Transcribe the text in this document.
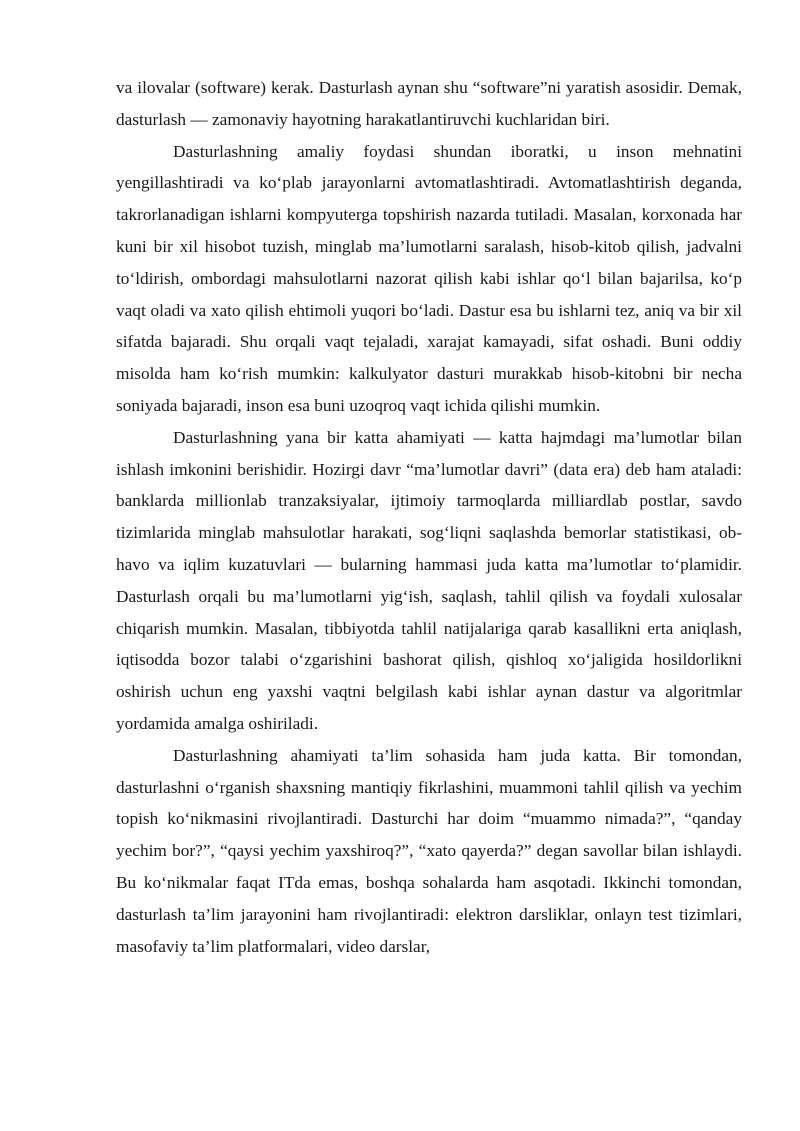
va ilovalar (software) kerak. Dasturlash aynan shu “software”ni yaratish asosidir. Demak, dasturlash — zamonaviy hayotning harakatlantiruvchi kuchlaridan biri.

Dasturlashning amaliy foydasi shundan iboratki, u inson mehnatini yengillashtiradi va ko‘plab jarayonlarni avtomatlashtiradi. Avtomatlashtirish deganda, takrorlanadigan ishlarni kompyuterga topshirish nazarda tutiladi. Masalan, korxonada har kuni bir xil hisobot tuzish, minglab ma’lumotlarni saralash, hisob-kitob qilish, jadvalni to‘ldirish, ombordagi mahsulotlarni nazorat qilish kabi ishlar qo‘l bilan bajarilsa, ko‘p vaqt oladi va xato qilish ehtimoli yuqori bo‘ladi. Dastur esa bu ishlarni tez, aniq va bir xil sifatda bajaradi. Shu orqali vaqt tejaladi, xarajat kamayadi, sifat oshadi. Buni oddiy misolda ham ko‘rish mumkin: kalkulyator dasturi murakkab hisob-kitobni bir necha soniyada bajaradi, inson esa buni uzoqroq vaqt ichida qilishi mumkin.

Dasturlashning yana bir katta ahamiyati — katta hajmdagi ma’lumotlar bilan ishlash imkonini berishidir. Hozirgi davr “ma’lumotlar davri” (data era) deb ham ataladi: banklarda millionlab tranzaksiyalar, ijtimoiy tarmoqlarda milliardlab postlar, savdo tizimlarida minglab mahsulotlar harakati, sog‘liqni saqlashda bemorlar statistikasi, ob-havo va iqlim kuzatuvlari — bularning hammasi juda katta ma’lumotlar to‘plamidir. Dasturlash orqali bu ma’lumotlarni yig‘ish, saqlash, tahlil qilish va foydali xulosalar chiqarish mumkin. Masalan, tibbiyotda tahlil natijalariga qarab kasallikni erta aniqlash, iqtisodda bozor talabi o‘zgarishini bashorat qilish, qishloq xo‘jaligida hosildorlikni oshirish uchun eng yaxshi vaqtni belgilash kabi ishlar aynan dastur va algoritmlar yordamida amalga oshiriladi.

Dasturlashning ahamiyati ta’lim sohasida ham juda katta. Bir tomondan, dasturlashni o‘rganish shaxsning mantiqiy fikrlashini, muammoni tahlil qilish va yechim topish ko‘nikmasini rivojlantiradi. Dasturchi har doim “muammo nimada?”, “qanday yechim bor?”, “qaysi yechim yaxshiroq?”, “xato qayerda?” degan savollar bilan ishlaydi. Bu ko‘nikmalar faqat ITda emas, boshqa sohalarda ham asqotadi. Ikkinchi tomondan, dasturlash ta’lim jarayonini ham rivojlantiradi: elektron darsliklar, onlayn test tizimlari, masofaviy ta’lim platformalari, video darslar,
